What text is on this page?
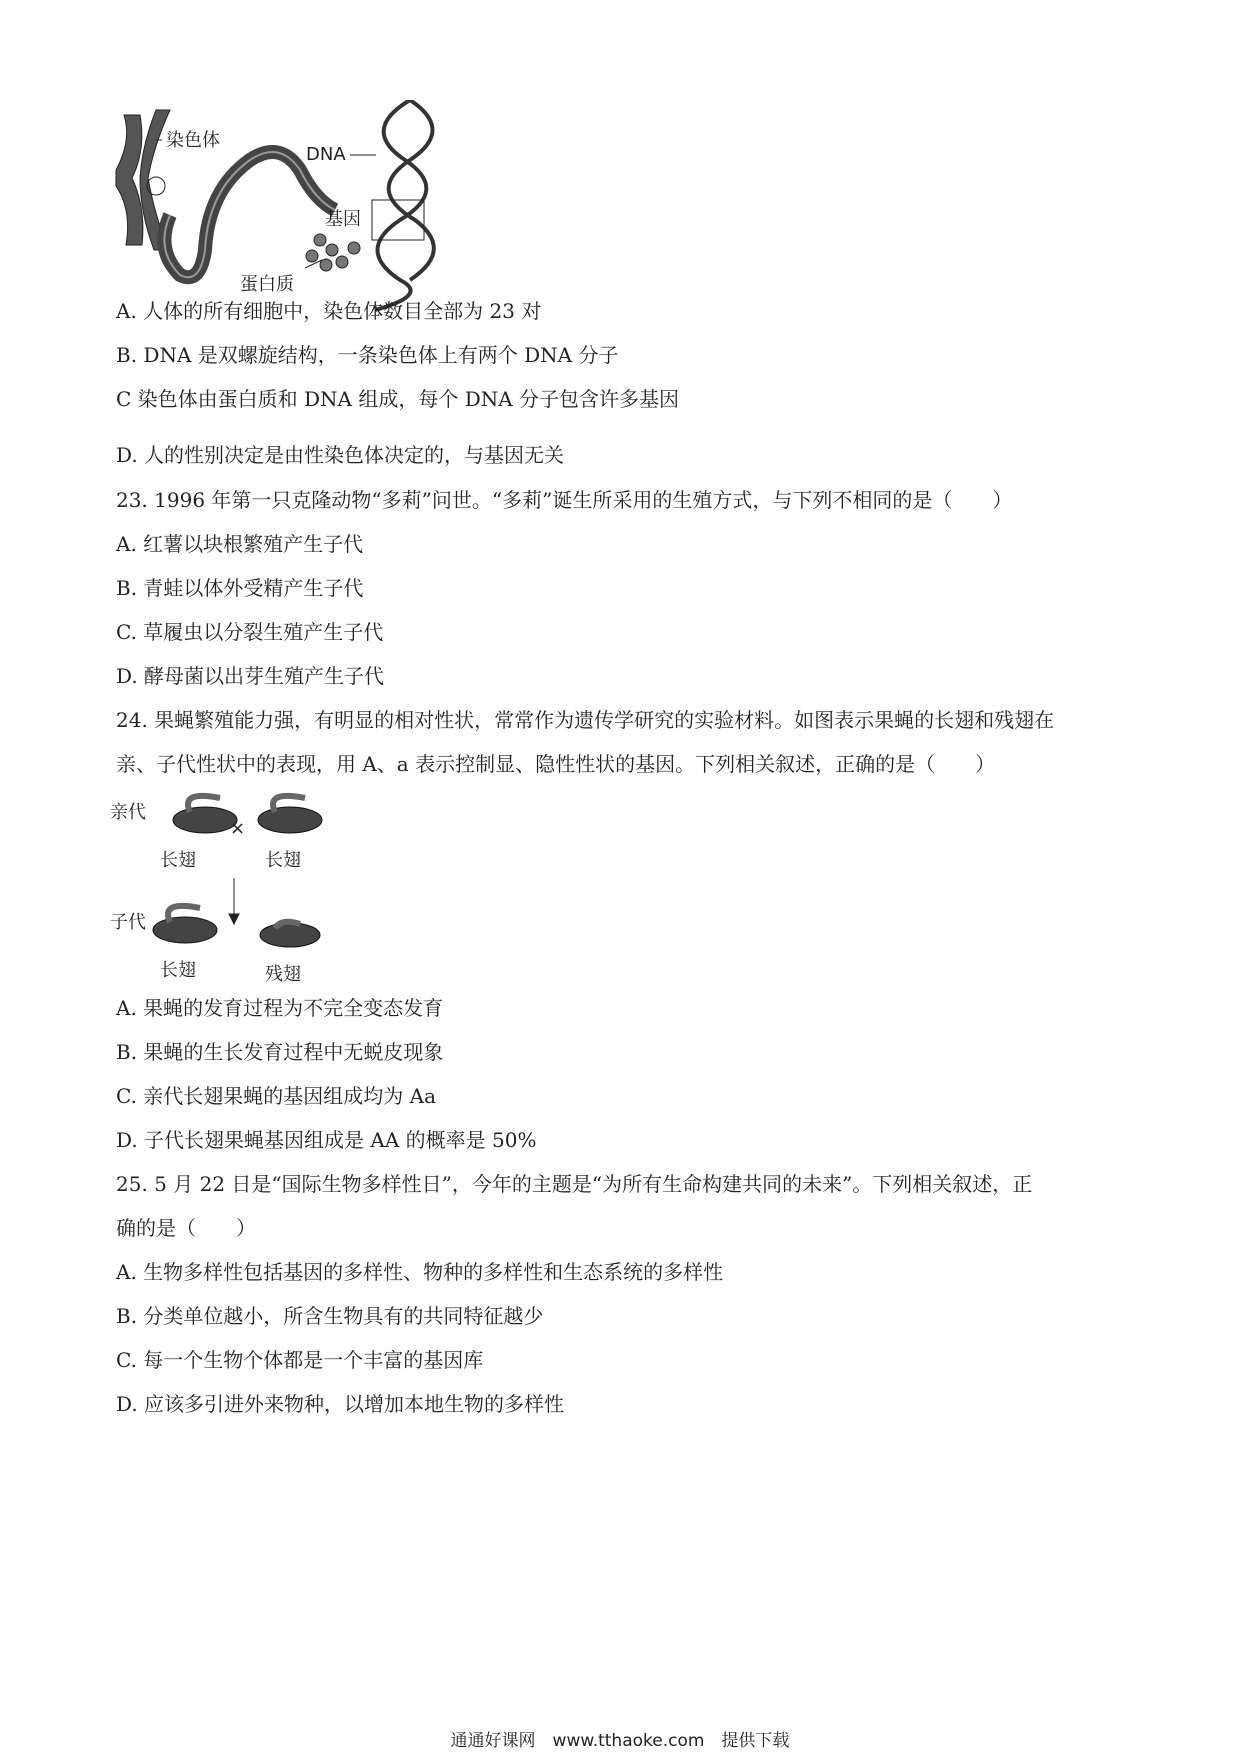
染色体
蛋白质
DNA
基因
A. 人体的所有细胞中，染色体数目全部为 23 对
B. DNA 是双螺旋结构，一条染色体上有两个 DNA 分子
C 染色体由蛋白质和 DNA 组成，每个 DNA 分子包含许多基因
D. 人的性别决定是由性染色体决定的，与基因无关
23. 1996 年第一只克隆动物“多莉”问世。“多莉”诞生所采用的生殖方式，与下列不相同的是（　　）
A. 红薯以块根繁殖产生子代
B. 青蛙以体外受精产生子代
C. 草履虫以分裂生殖产生子代
D. 酵母菌以出芽生殖产生子代
24. 果蝇繁殖能力强，有明显的相对性状，常常作为遗传学研究的实验材料。如图表示果蝇的长翅和残翅在
亲、子代性状中的表现，用 A、a 表示控制显、隐性性状的基因。下列相关叙述，正确的是（　　）
亲代
×
长翅	长翅
子代
长翅	残翅
A. 果蝇的发育过程为不完全变态发育
B. 果蝇的生长发育过程中无蜕皮现象
C. 亲代长翅果蝇的基因组成均为 Aa
D. 子代长翅果蝇基因组成是 AA 的概率是 50%
25. 5 月 22 日是“国际生物多样性日”，今年的主题是“为所有生命构建共同的未来”。下列相关叙述，正
确的是（　　）
A. 生物多样性包括基因的多样性、物种的多样性和生态系统的多样性
B. 分类单位越小，所含生物具有的共同特征越少
C. 每一个生物个体都是一个丰富的基因库
D. 应该多引进外来物种，以增加本地生物的多样性
通通好课网　www.tthaoke.com　提供下载
